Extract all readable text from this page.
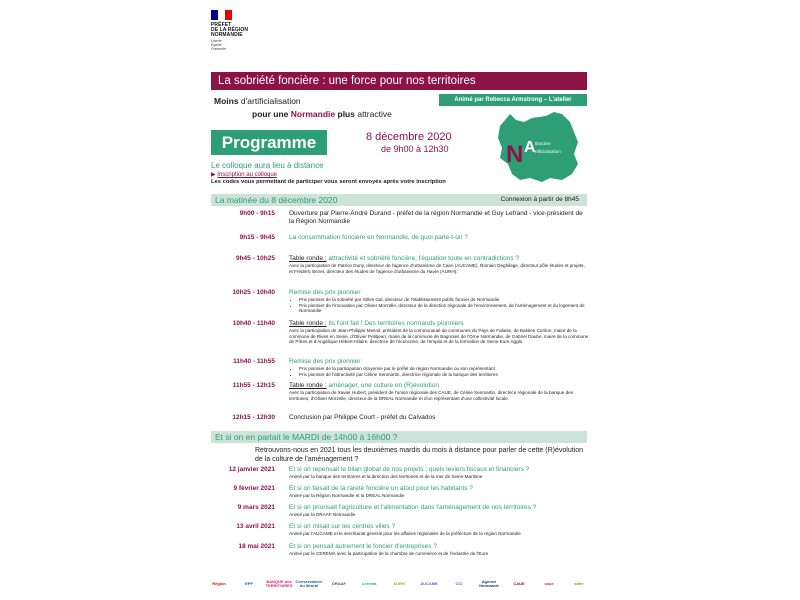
PRÉFET
DE LA RÉGION
NORMANDIE
Liberté
Égalité
Fraternité
La sobriété foncière : une force pour nos territoires
Moins d'artificialisation
pour une Normandie plus attractive
Animé par Rebecca Armstrong – L'atelier
Programme	8 décembre 2020
de 9h00 à 12h30 N A ttractive
rtificialisation
Le colloque aura lieu à distance
▶ Inscription au colloque
Les codes vous permettant de participer vous seront envoyés après votre inscription
La matinée du 8 décembre 2020	Connexion à partir de 8h45
9h00 - 9h15 Ouverture par Pierre-André Durand - préfet de la région Normandie et Guy Lefrand - vice-président de la Région Normandie
9h15 - 9h45 La consommation foncière en Normandie, de quoi parle-t-on ?
9h45 - 10h25 Table ronde : attractivité et sobriété foncière, l'équation toute en contradictions ?
Avec la participation de Patrice Duny, directeur de l'agence d'urbanisme de Caen (AUCAME), Romain Deghilage, directeur pôle études et projets, et Frédéric Bezet, directeur des études de l'agence d'urbanisme du Havre (AURH).
10h25 - 10h40 Remise des prix pionnier
• Prix pionnier de la sobriété par Gilles Gal, directeur de l'établissement public foncier de Normandie
• Prix pionnier de l'innovation par Olivier Morzelle, directeur de la direction régionale de l'environnement, de l'aménagement et du logement de Normandie
10h40 - 11h40 Table ronde : Ils l'ont fait ! Des territoires normands pionniers
Avec la participation de Jean-Philippe Mesnil, président de la communauté de communes du Pays de Falaise, de Bastien Coriton, maire de la commune de Rives en Seine, d'Olivier Petitjean, maire de la commune de Bagnoles de l'Orne Normandie, de Gabriel Daube, maire de la commune de Pîtres et d'Angélique Hébert-Hilaire, directrice de l'économie, de l'emploi et de la formation de Seine Eure Agglo.
11h40 - 11h55 Remise des prix pionnier
• Prix pionnier de la participation citoyenne par le préfet de région Normandie ou son représentant
• Prix pionnier de l'attractivité par Céline Senmartin, directrice régionale de la banque des territoires
11h55 - 12h15 Table ronde : aménager, une culture en (R)évolution
Avec la participation de Xavier Hubert, président de l'union régionale des CAUE, de Céline Senmartin, directrice régionale de la banque des territoires, d'Olivier Morzelle, directeur de la DREAL Normandie et d'un représentant d'une collectivité locale.
12h15 - 12h30 Conclusion par Philippe Court - préfet du Calvados
Et si on en parlait le MARDI de 14h00 à 16h00 ?
Retrouvons-nous en 2021 tous les deuxièmes mardis du mois à distance pour parler de cette (R)évolution de la culture de l'aménagement ?
12 janvier 2021 Et si on repensait le bilan global de nos projets : quels leviers fiscaux et financiers ?
Animé par la banque des territoires et la direction des territoires et de la mer de Seine-Maritime
9 février 2021 Et si on faisait de la rareté foncière un atout pour les habitants ?
Animé par la Région Normandie et la DREAL Normandie
9 mars 2021 Et si on priorisait l'agriculture et l'alimentation dans l'aménagement de nos territoires ?
Animé par la DRAAF Normandie
13 avril 2021 Et si on misait sur les centres villes ?
Animé par l'AUCAME et le secrétariat général pour les affaires régionales de la préfecture de la région Normandie
18 mai 2021 Et si on pensait autrement le foncier d'entreprises ?
Animé par le CEREMA avec la participation de la chambre de commerce et de l'industrie de l'Eure
Région	EPF	BANQUE des TERRITOIRES
Conservatoire du littoral	DRAAF	Cerema	AURH	AUCAME	CCI	Agence Normande	CAUE	caue	safer
